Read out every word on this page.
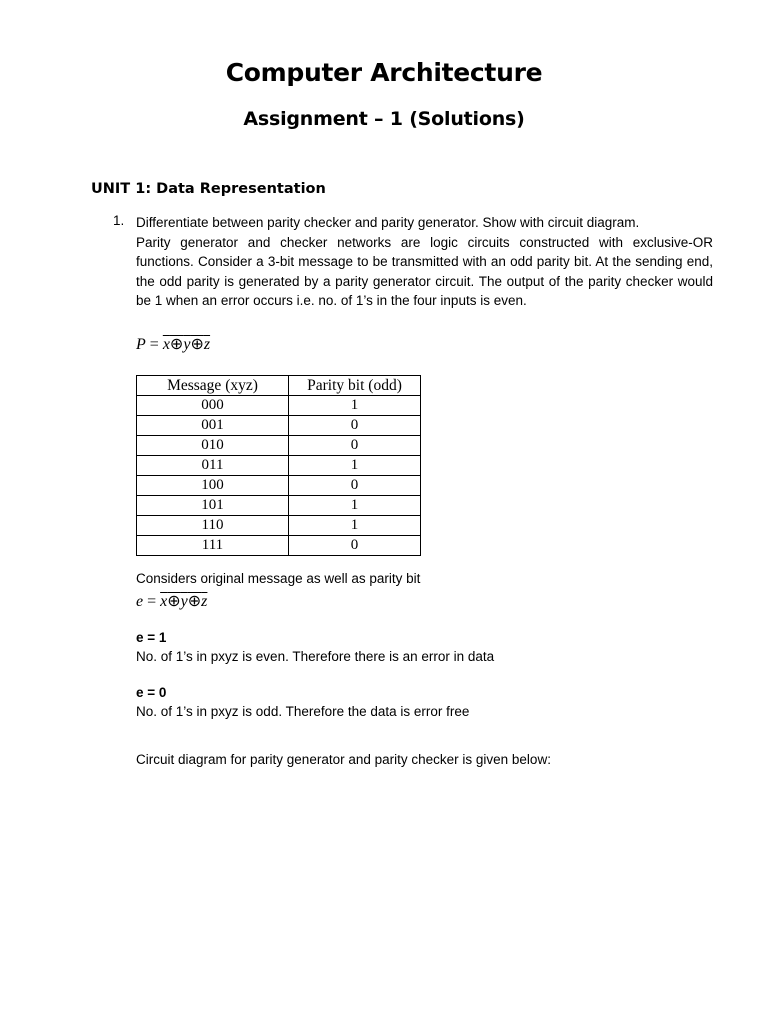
Computer Architecture
Assignment – 1 (Solutions)
UNIT 1: Data Representation
1. Differentiate between parity checker and parity generator. Show with circuit diagram.

Parity generator and checker networks are logic circuits constructed with exclusive-OR functions. Consider a 3-bit message to be transmitted with an odd parity bit. At the sending end, the odd parity is generated by a parity generator circuit. The output of the parity checker would be 1 when an error occurs i.e. no. of 1’s in the four inputs is even.

P = x⊕y⊕z
Message (xyz)	Parity bit (odd)
000	1
001	0
010	0
011	1
100	0
101	1
110	1
111	0
Considers original message as well as parity bit
e = x⊕y⊕z
e = 1
No. of 1’s in pxyz is even. Therefore there is an error in data
e = 0
No. of 1’s in pxyz is odd. Therefore the data is error free
Circuit diagram for parity generator and parity checker is given below:
